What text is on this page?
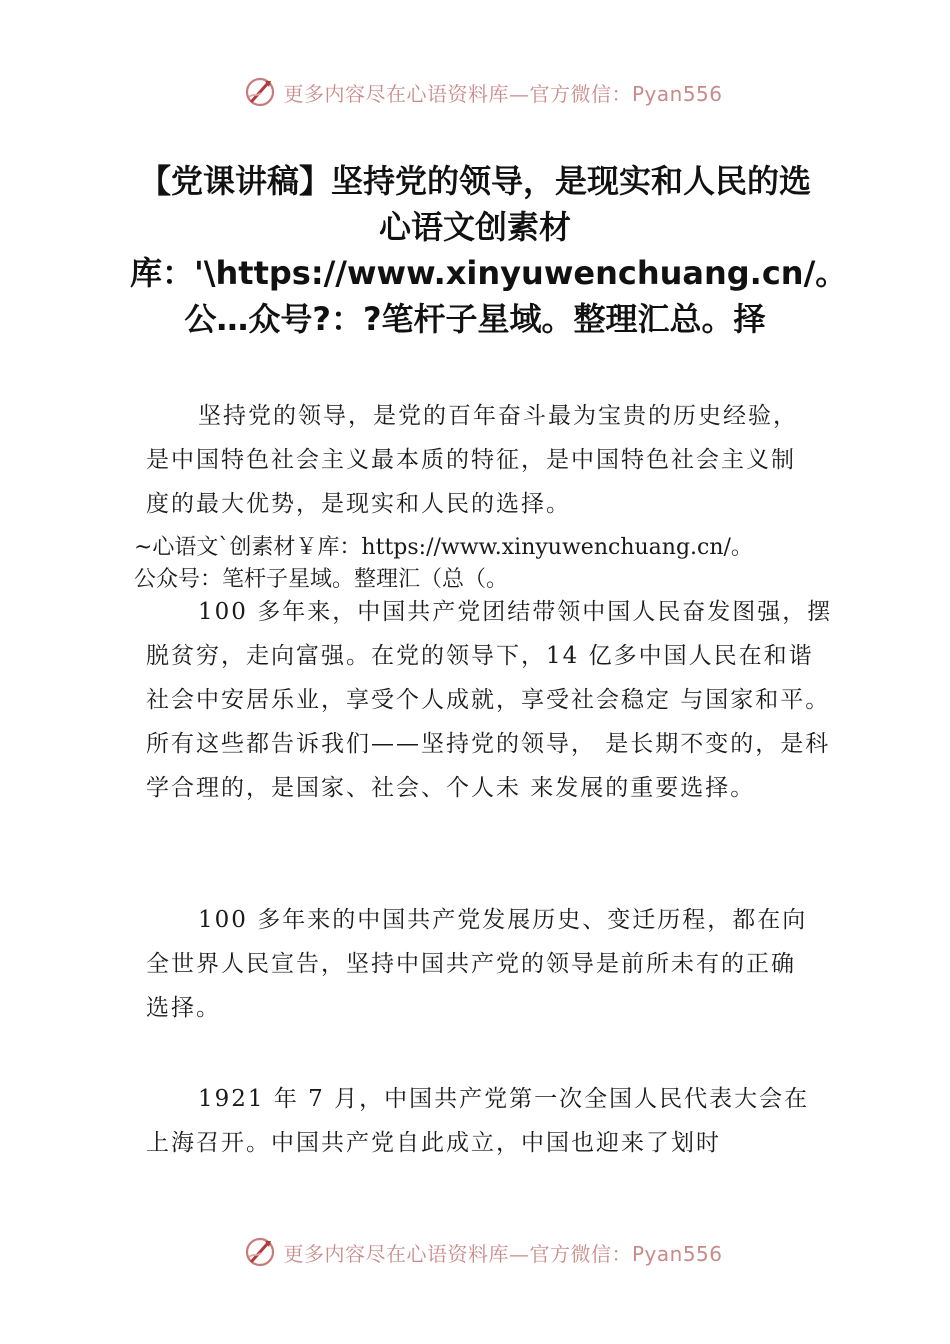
更多内容尽在心语资料库—官方微信：Pyan556
【党课讲稿】坚持党的领导，是现实和人民的选心语文创素材库：'\https://www.xinyuwenchuang.cn/。公…众号?：?笔杆子星域。整理汇总。择

坚持党的领导，是党的百年奋斗最为宝贵的历史经验，是中国特色社会主义最本质的特征，是中国特色社会主义制度的最大优势，是现实和人民的选择。

~心语文`创素材￥库：https://www.xinyuwenchuang.cn/。
公众号：笔杆子星域。整理汇（总（。

100 多年来，中国共产党团结带领中国人民奋发图强，摆脱贫穷，走向富强。在党的领导下，14 亿多中国人民在和谐社会中安居乐业，享受个人成就，享受社会稳定 与国家和平。所有这些都告诉我们——坚持党的领导， 是长期不变的，是科学合理的，是国家、社会、个人未 来发展的重要选择。

100 多年来的中国共产党发展历史、变迁历程，都在向全世界人民宣告，坚持中国共产党的领导是前所未有的正确选择。

1921 年 7 月，中国共产党第一次全国人民代表大会在上海召开。中国共产党自此成立，中国也迎来了划时

更多内容尽在心语资料库—官方微信：Pyan556
